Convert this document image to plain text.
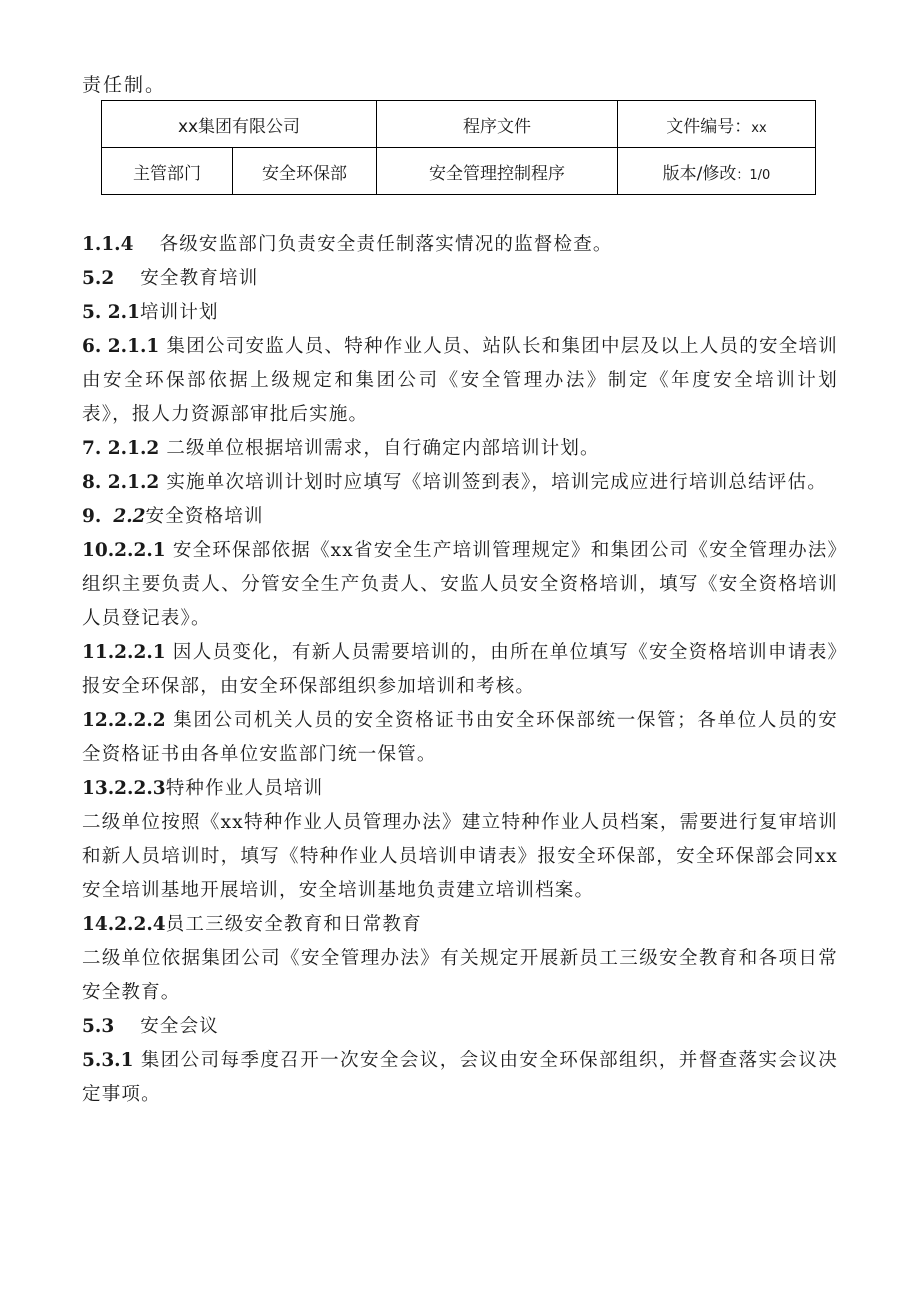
责任制。
xx集团有限公司		程序文件	文件编号：xx
主管部门	安全环保部	安全管理控制程序	版本/修改：1/0

1.1.4 各级安监部门负责安全责任制落实情况的监督检查。

5.2 安全教育培训

5. 2.1培训计划

6. 2.1.1 集团公司安监人员、特种作业人员、站队长和集团中层及以上人员的安全培训由安全环保部依据上级规定和集团公司《安全管理办法》制定《年度安全培训计划表》，报人力资源部审批后实施。

7. 2.1.2 二级单位根据培训需求，自行确定内部培训计划。

8. 2.1.2 实施单次培训计划时应填写《培训签到表》，培训完成应进行培训总结评估。

9. 2.2安全资格培训

10.2.2.1 安全环保部依据《xx省安全生产培训管理规定》和集团公司《安全管理办法》组织主要负责人、分管安全生产负责人、安监人员安全资格培训，填写《安全资格培训人员登记表》。

11.2.2.1 因人员变化，有新人员需要培训的，由所在单位填写《安全资格培训申请表》报安全环保部，由安全环保部组织参加培训和考核。

12.2.2.2 集团公司机关人员的安全资格证书由安全环保部统一保管；各单位人员的安全资格证书由各单位安监部门统一保管。

13.2.2.3特种作业人员培训

二级单位按照《xx特种作业人员管理办法》建立特种作业人员档案，需要进行复审培训和新人员培训时，填写《特种作业人员培训申请表》报安全环保部，安全环保部会同xx安全培训基地开展培训，安全培训基地负责建立培训档案。

14.2.2.4员工三级安全教育和日常教育

二级单位依据集团公司《安全管理办法》有关规定开展新员工三级安全教育和各项日常安全教育。

5.3 安全会议

5.3.1 集团公司每季度召开一次安全会议，会议由安全环保部组织，并督查落实会议决定事项。
